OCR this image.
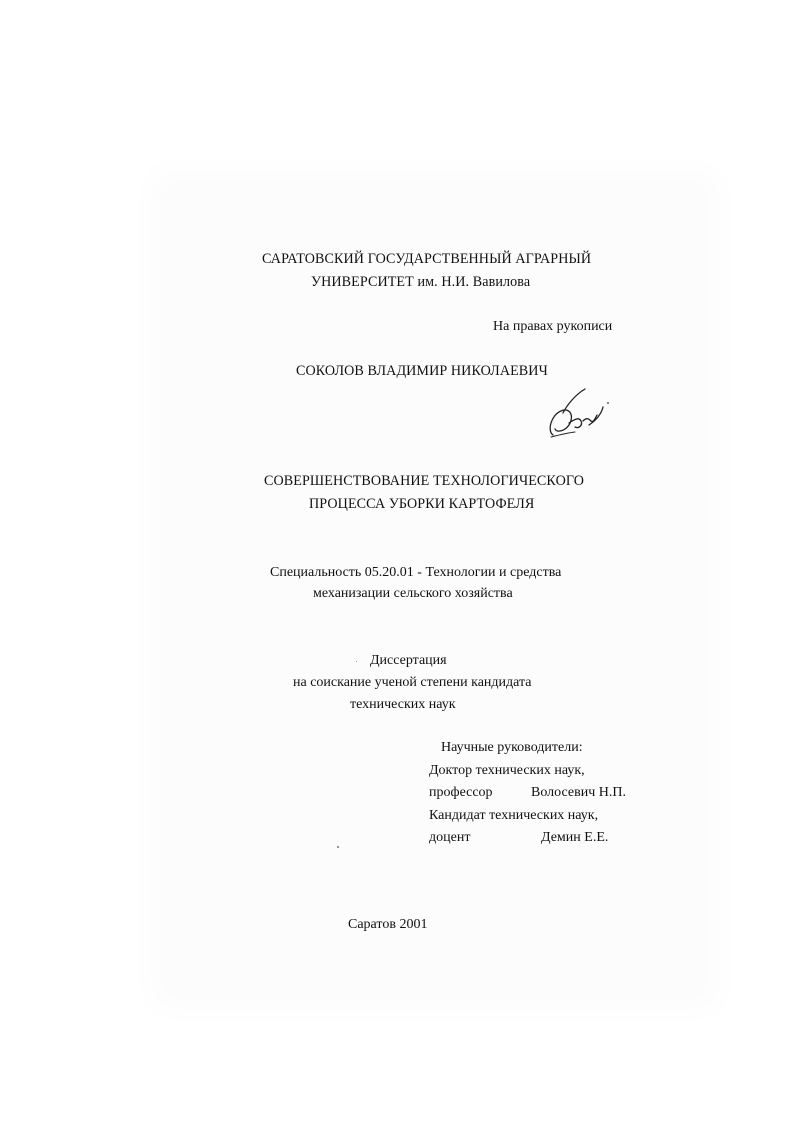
САРАТОВСКИЙ ГОСУДАРСТВЕННЫЙ АГРАРНЫЙ
УНИВЕРСИТЕТ им. Н.И. Вавилова
На правах рукописи
СОКОЛОВ ВЛАДИМИР НИКОЛАЕВИЧ
СОВЕРШЕНСТВОВАНИЕ ТЕХНОЛОГИЧЕСКОГО
ПРОЦЕССА УБОРКИ КАРТОФЕЛЯ
Специальность 05.20.01 - Технологии и средства
механизации сельского хозяйства
Диссертация
на соискание ученой степени кандидата
технических наук
Научные руководители:
Доктор технических наук,
профессор	Волосевич Н.П.
Кандидат технических наук,
доцент	Демин Е.Е.
Саратов 2001
